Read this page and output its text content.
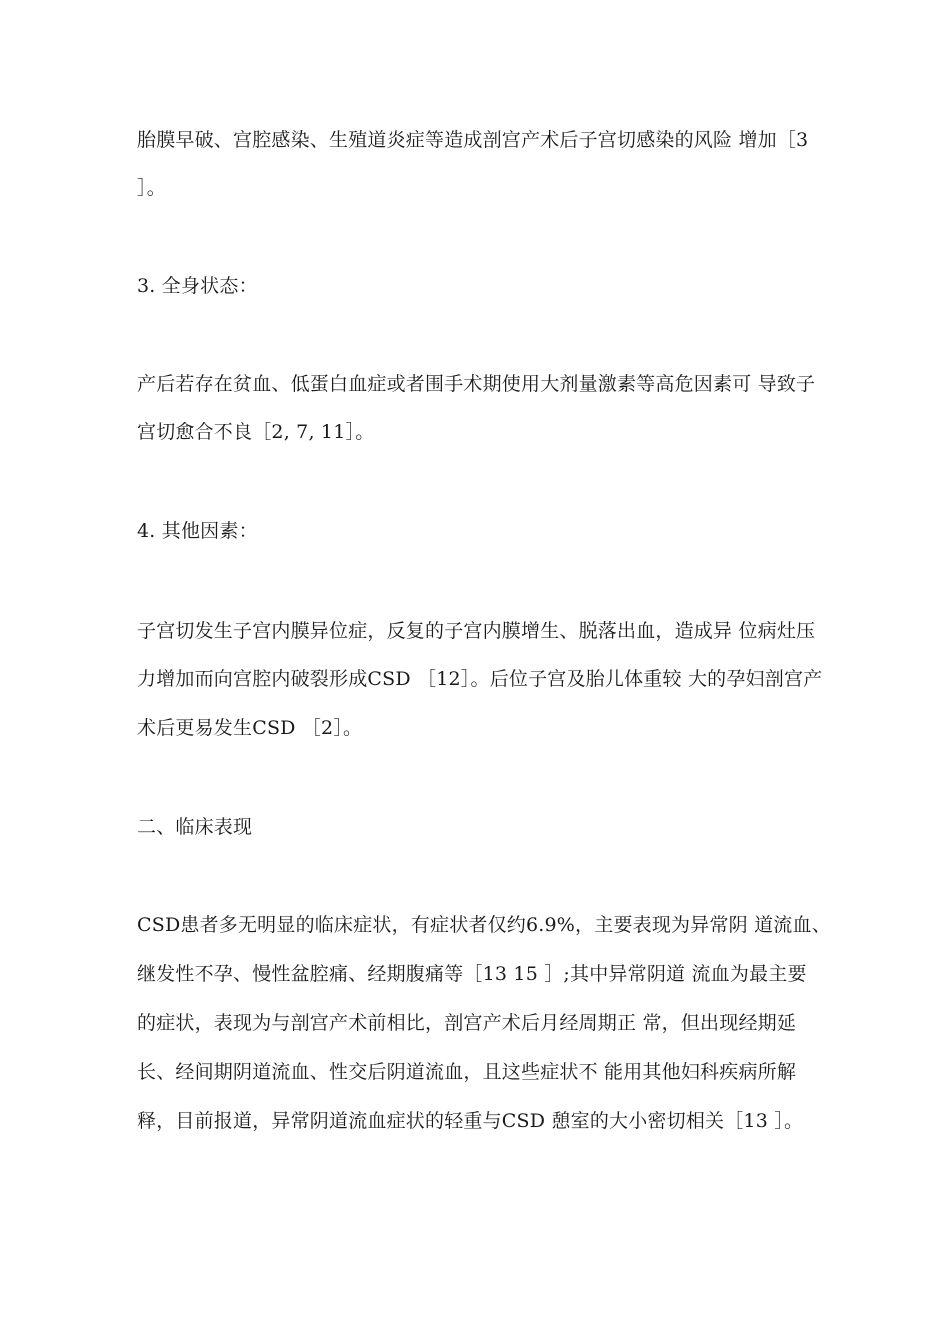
胎膜早破、宫腔感染、生殖道炎症等造成剖宫产术后子宫切感染的风险 增加［3
］。
3. 全身状态：
产后若存在贫血、低蛋白血症或者围手术期使用大剂量激素等高危因素可 导致子
宫切愈合不良［2, 7, 11］。
4. 其他因素：
子宫切发生子宫内膜异位症，反复的子宫内膜增生、脱落出血，造成异 位病灶压
力增加而向宫腔内破裂形成CSD ［12］。后位子宫及胎儿体重较 大的孕妇剖宫产
术后更易发生CSD ［2］。
二、临床表现
CSD患者多无明显的临床症状，有症状者仅约6.9%，主要表现为异常阴 道流血、
继发性不孕、慢性盆腔痛、经期腹痛等［13 15 ］;其中异常阴道 流血为最主要
的症状，表现为与剖宫产术前相比，剖宫产术后月经周期正 常，但出现经期延
长、经间期阴道流血、性交后阴道流血，且这些症状不 能用其他妇科疾病所解
释，目前报道，异常阴道流血症状的轻重与CSD 憩室的大小密切相关［13 ］。
